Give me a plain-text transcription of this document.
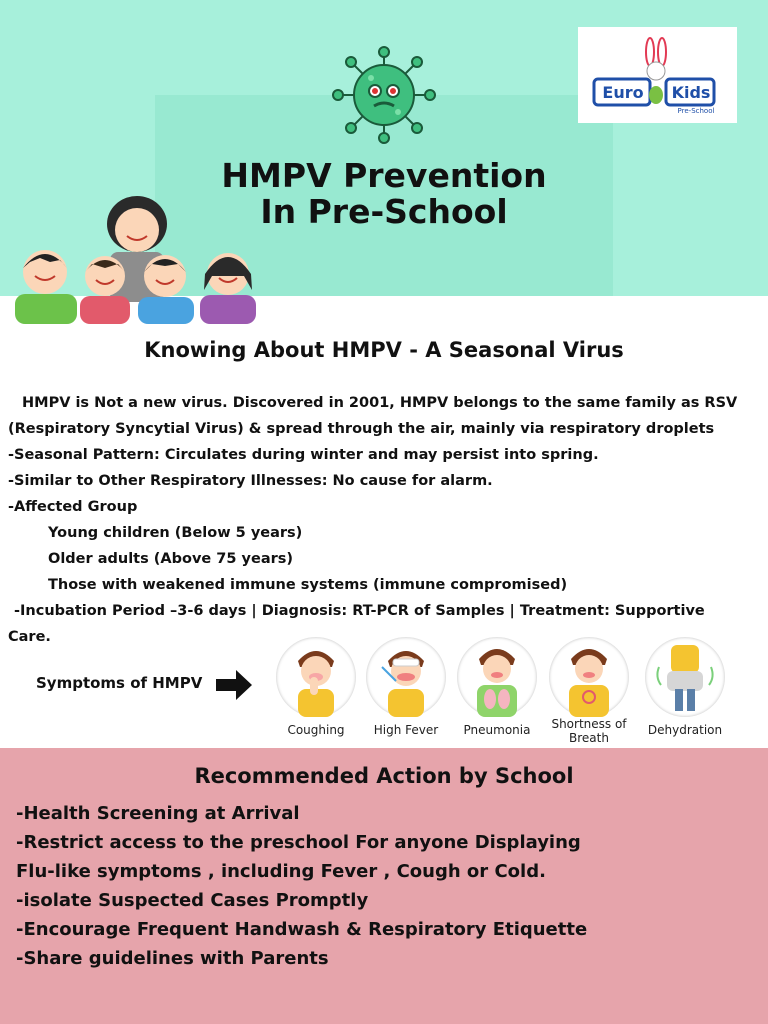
Euro Kids
Pre-School
HMPV Prevention
In Pre-School
Knowing About HMPV - A Seasonal Virus
HMPV is Not a new virus. Discovered in 2001, HMPV belongs to the same family as RSV
(Respiratory Syncytial Virus) & spread through the air, mainly via respiratory droplets
-Seasonal Pattern: Circulates during winter and may persist into spring.
-Similar to Other Respiratory Illnesses: No cause for alarm.
-Affected Group
Young children (Below 5 years)
Older adults (Above 75 years)
Those with weakened immune systems (immune compromised)
-Incubation Period –3-6 days | Diagnosis: RT-PCR of Samples | Treatment: Supportive
Care.
Symptoms of HMPV
Coughing	High Fever	Pneumonia	Shortness of Breath
Dehydration
Recommended Action by School
-Health Screening at Arrival
-Restrict access to the preschool For anyone Displaying
Flu-like symptoms , including Fever , Cough or Cold.
-isolate Suspected Cases Promptly
-Encourage Frequent Handwash & Respiratory Etiquette
-Share guidelines with Parents
